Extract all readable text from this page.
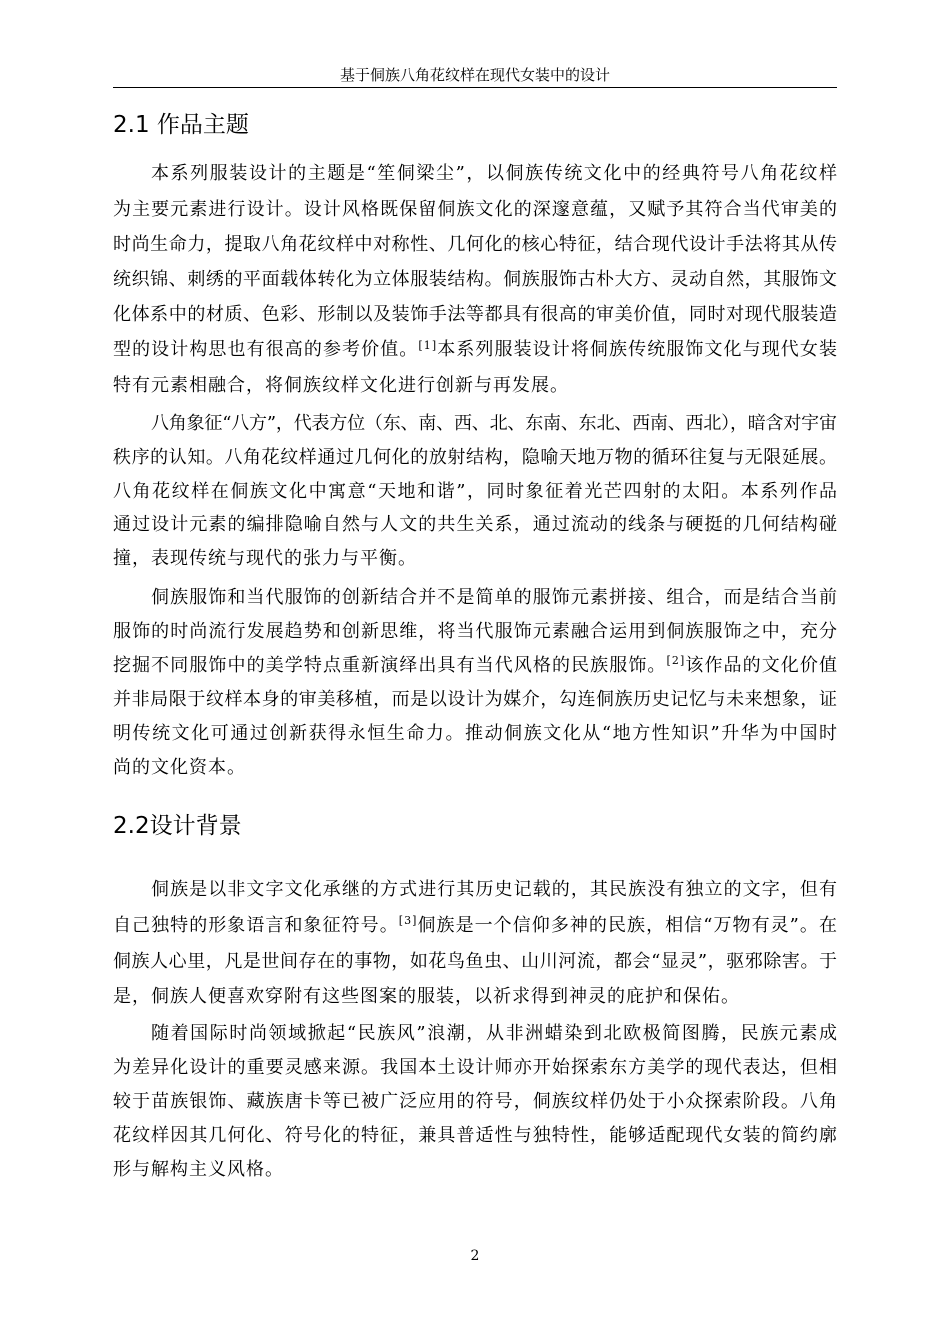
基于侗族八角花纹样在现代女装中的设计
2.1 作品主题
本系列服装设计的主题是“笙侗梁尘”，以侗族传统文化中的经典符号八角花纹样
为主要元素进行设计。设计风格既保留侗族文化的深邃意蕴，又赋予其符合当代审美的
时尚生命力，提取八角花纹样中对称性、几何化的核心特征，结合现代设计手法将其从传
统织锦、刺绣的平面载体转化为立体服装结构。侗族服饰古朴大方、灵动自然，其服饰文
化体系中的材质、色彩、形制以及装饰手法等都具有很高的审美价值，同时对现代服装造
型的设计构思也有很高的参考价值。[1]本系列服装设计将侗族传统服饰文化与现代女装
特有元素相融合，将侗族纹样文化进行创新与再发展。
八角象征“八方”，代表方位（东、南、西、北、东南、东北、西南、西北），暗含对宇宙
秩序的认知。八角花纹样通过几何化的放射结构，隐喻天地万物的循环往复与无限延展。
八角花纹样在侗族文化中寓意“天地和谐”，同时象征着光芒四射的太阳。本系列作品
通过设计元素的编排隐喻自然与人文的共生关系，通过流动的线条与硬挺的几何结构碰
撞，表现传统与现代的张力与平衡。
侗族服饰和当代服饰的创新结合并不是简单的服饰元素拼接、组合，而是结合当前
服饰的时尚流行发展趋势和创新思维，将当代服饰元素融合运用到侗族服饰之中，充分
挖掘不同服饰中的美学特点重新演绎出具有当代风格的民族服饰。[2]该作品的文化价值
并非局限于纹样本身的审美移植，而是以设计为媒介，勾连侗族历史记忆与未来想象，证
明传统文化可通过创新获得永恒生命力。推动侗族文化从“地方性知识”升华为中国时
尚的文化资本。
2.2设计背景
侗族是以非文字文化承继的方式进行其历史记载的，其民族没有独立的文字，但有
自己独特的形象语言和象征符号。[3]侗族是一个信仰多神的民族，相信“万物有灵”。在
侗族人心里，凡是世间存在的事物，如花鸟鱼虫、山川河流，都会“显灵”，驱邪除害。于
是，侗族人便喜欢穿附有这些图案的服装，以祈求得到神灵的庇护和保佑。
随着国际时尚领域掀起“民族风”浪潮，从非洲蜡染到北欧极简图腾，民族元素成
为差异化设计的重要灵感来源。我国本土设计师亦开始探索东方美学的现代表达，但相
较于苗族银饰、藏族唐卡等已被广泛应用的符号，侗族纹样仍处于小众探索阶段。八角
花纹样因其几何化、符号化的特征，兼具普适性与独特性，能够适配现代女装的简约廓
形与解构主义风格。
2
